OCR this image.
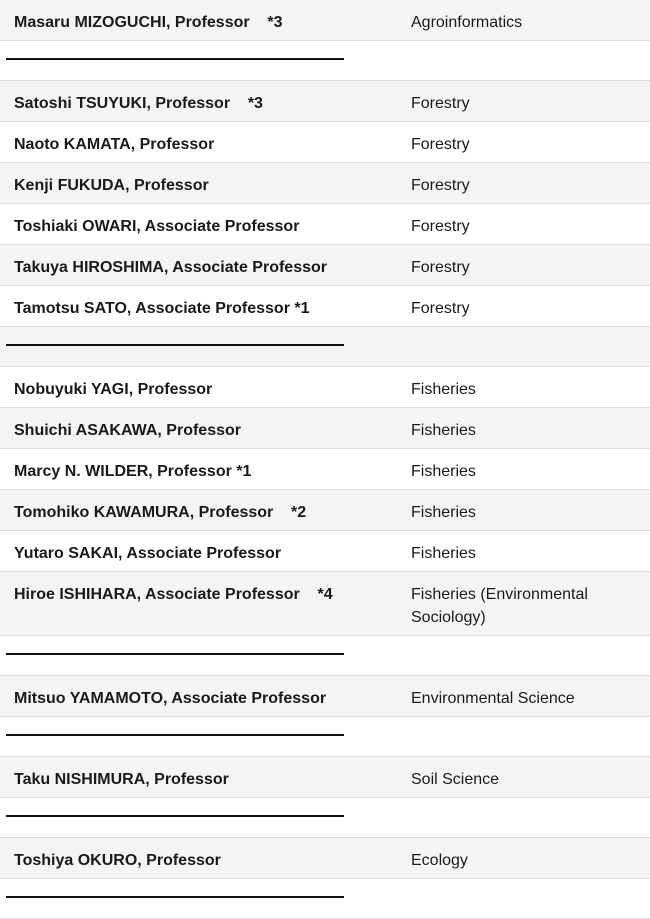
Masaru MIZOGUCHI, Professor    *3	Agroinformatics

Satoshi TSUYUKI, Professor    *3	Forestry
Naoto KAMATA, Professor	Forestry
Kenji FUKUDA, Professor	Forestry
Toshiaki OWARI, Associate Professor	Forestry
Takuya HIROSHIMA, Associate Professor	Forestry
Tamotsu SATO, Associate Professor *1	Forestry

Nobuyuki YAGI, Professor	Fisheries
Shuichi ASAKAWA, Professor	Fisheries
Marcy N. WILDER, Professor *1	Fisheries
Tomohiko KAWAMURA, Professor    *2	Fisheries
Yutaro SAKAI, Associate Professor	Fisheries
Hiroe ISHIHARA, Associate Professor    *4	Fisheries (Environmental Sociology)

Mitsuo YAMAMOTO, Associate Professor	Environmental Science

Taku NISHIMURA, Professor	Soil Science

Toshiya OKURO, Professor	Ecology
